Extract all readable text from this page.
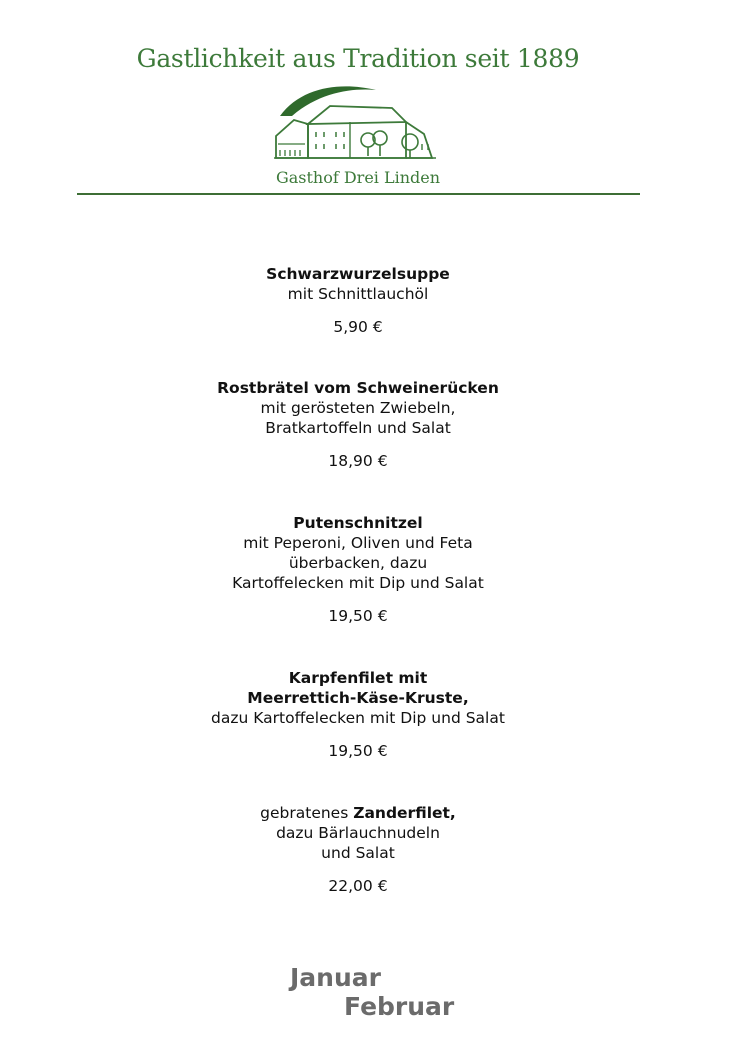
Gastlichkeit aus Tradition seit 1889
Gasthof Drei Linden
Schwarzwurzelsuppe
mit Schnittlauchöl
5,90 €
Rostbrätel vom Schweinerücken
mit gerösteten Zwiebeln,
Bratkartoffeln und Salat
18,90 €
Putenschnitzel
mit Peperoni, Oliven und Feta
überbacken, dazu
Kartoffelecken mit Dip und Salat
19,50 €
Karpfenfilet mit
Meerrettich-Käse-Kruste,
dazu Kartoffelecken mit Dip und Salat
19,50 €
gebratenes Zanderfilet,
dazu Bärlauchnudeln
und Salat
22,00 €
Januar
Februar
